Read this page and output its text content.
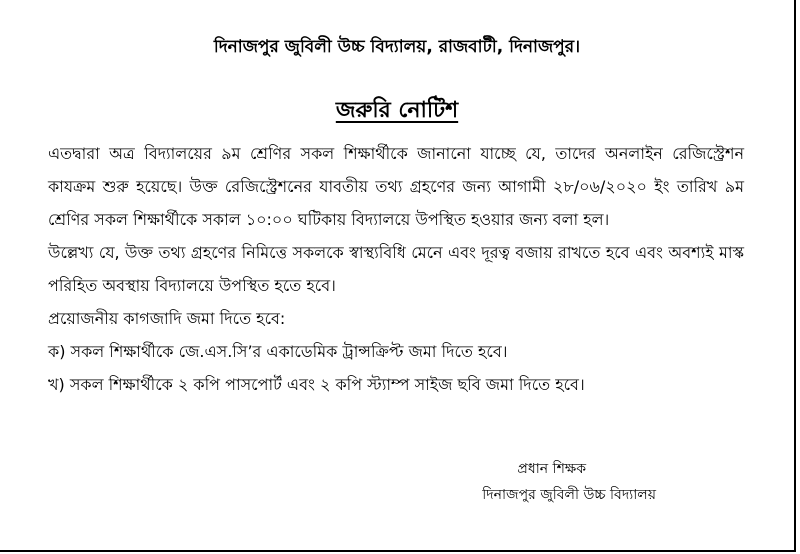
দিনাজপুর জুবিলী উচ্চ বিদ্যালয়, রাজবাটী, দিনাজপুর।
জরুরি নোটিশ

এতদ্বারা অত্র বিদ্যালয়ের ৯ম শ্রেণির সকল শিক্ষার্থীকে জানানো যাচ্ছে যে, তাদের অনলাইন রেজিস্ট্রেশন কাযক্রম শুরু হয়েছে। উক্ত রেজিস্ট্রেশনের যাবতীয় তথ্য গ্রহণের জন্য আগামী ২৮/০৬/২০২০ ইং তারিখ ৯ম শ্রেণির সকল শিক্ষার্থীকে সকাল ১০:০০ ঘটিকায় বিদ্যালয়ে উপস্থিত হওয়ার জন্য বলা হল।

উল্লেখ্য যে, উক্ত তথ্য গ্রহণের নিমিত্তে সকলকে স্বাস্থ্যবিধি মেনে এবং দূরত্ব বজায় রাখতে হবে এবং অবশ্যই মাস্ক পরিহিত অবস্থায় বিদ্যালয়ে উপস্থিত হতে হবে।

প্রয়োজনীয় কাগজাদি জমা দিতে হবে:

ক) সকল শিক্ষার্থীকে জে.এস.সি’র একাডেমিক ট্রান্সক্রিপ্ট জমা দিতে হবে।

খ) সকল শিক্ষার্থীকে ২ কপি পাসপোর্ট এবং ২ কপি স্ট্যাম্প সাইজ ছবি জমা দিতে হবে।

প্রধান শিক্ষক
দিনাজপুর জুবিলী উচ্চ বিদ্যালয়
